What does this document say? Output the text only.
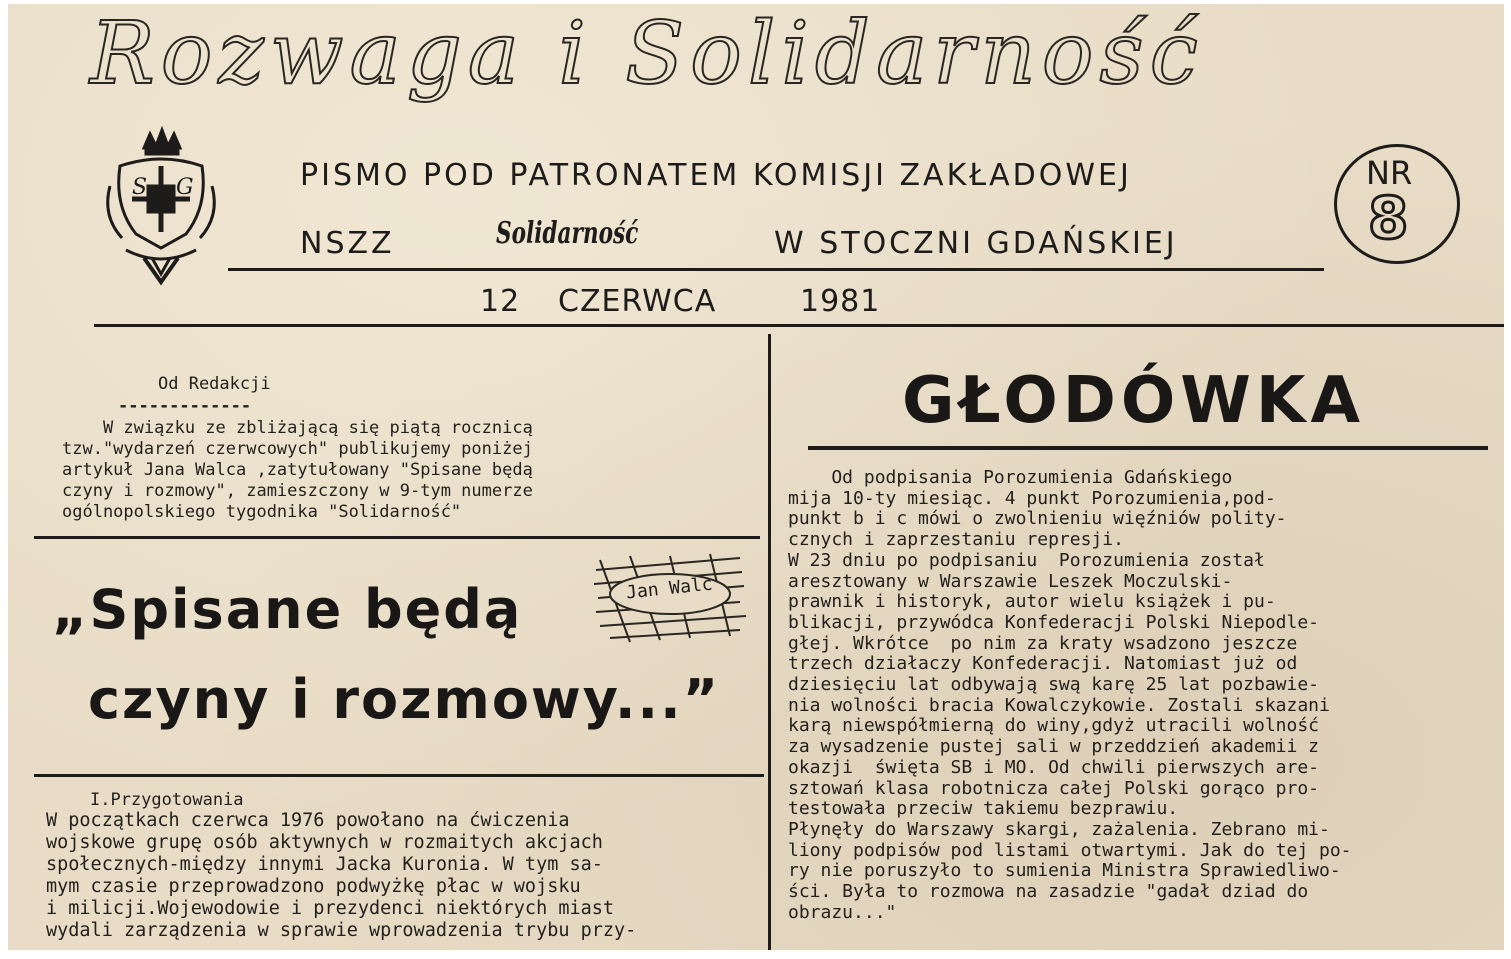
Rozwaga i Solidarność
S G	PISMO POD PATRONATEM KOMISJI ZAKŁADOWEJ
NSZZ	Solidarność	W STOCZNI GDAŃSKIEJ
NR
8
12 CZERWCA	1981
Od Redakcji
-------------
W związku ze zbliżającą się piątą rocznicą
tzw."wydarzeń czerwcowych" publikujemy poniżej
artykuł Jana Walca ,zatytułowany "Spisane będą
czyny i rozmowy", zamieszczony w 9-tym numerze
ogólnopolskiego tygodnika "Solidarność"
Jan Walc
„Spisane będą
czyny i rozmowy...”
I.Przygotowania
W początkach czerwca 1976 powołano na ćwiczenia
wojskowe grupę osób aktywnych w rozmaitych akcjach
społecznych-między innymi Jacka Kuronia. W tym sa-
mym czasie przeprowadzono podwyżkę płac w wojsku
i milicji.Wojewodowie i prezydenci niektórych miast
wydali zarządzenia w sprawie wprowadzenia trybu przy-
GŁODÓWKA
Od podpisania Porozumienia Gdańskiego
mija 10-ty miesiąc. 4 punkt Porozumienia,pod-
punkt b i c mówi o zwolnieniu więźniów polity-
cznych i zaprzestaniu represji.
W 23 dniu po podpisaniu  Porozumienia został
aresztowany w Warszawie Leszek Moczulski-
prawnik i historyk, autor wielu książek i pu-
blikacji, przywódca Konfederacji Polski Niepodle-
głej. Wkrótce  po nim za kraty wsadzono jeszcze
trzech działaczy Konfederacji. Natomiast już od
dziesięciu lat odbywają swą karę 25 lat pozbawie-
nia wolności bracia Kowalczykowie. Zostali skazani
karą niewspółmierną do winy,gdyż utracili wolność
za wysadzenie pustej sali w przeddzień akademii z
okazji  święta SB i MO. Od chwili pierwszych are-
sztowań klasa robotnicza całej Polski gorąco pro-
testowała przeciw takiemu bezprawiu.
Płynęły do Warszawy skargi, zażalenia. Zebrano mi-
liony podpisów pod listami otwartymi. Jak do tej po-
ry nie poruszyło to sumienia Ministra Sprawiedliwo-
ści. Była to rozmowa na zasadzie "gadał dziad do
obrazu..."
